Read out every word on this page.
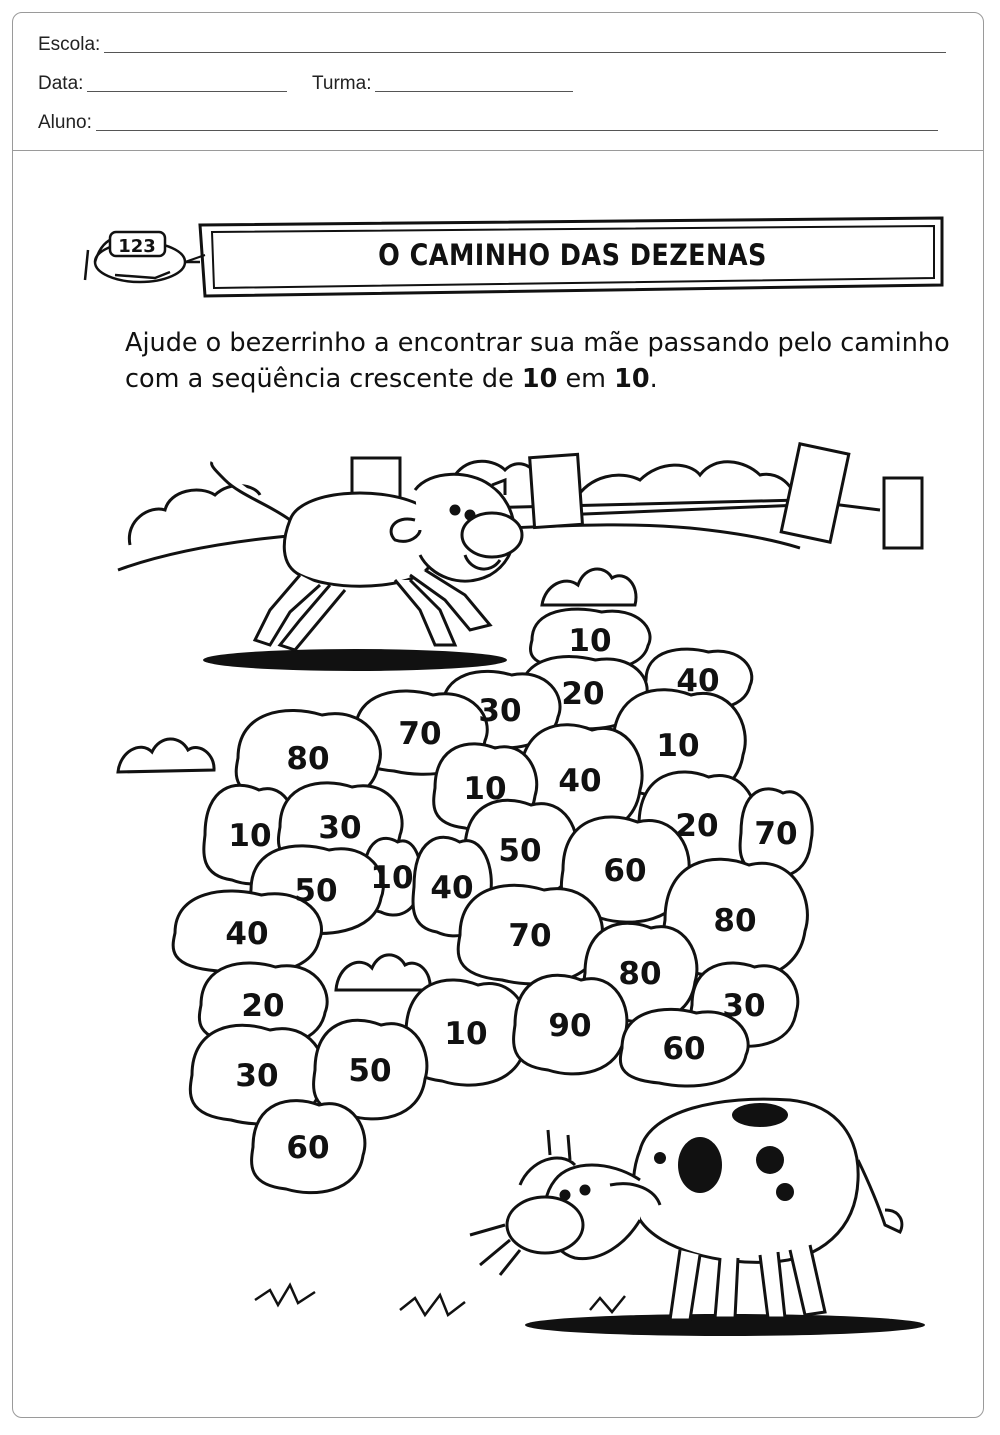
Escola:
Data:	Turma:
Aluno:
123
10
40
20
30
70
80	10
40
10
20 70
10 30
50
10 40
50
60
80
40	70
80
20	30
10 90
60
30 50
60
O CAMINHO DAS DEZENAS
Ajude o bezerrinho a encontrar sua mãe passando pelo caminho
com a seqüência crescente de 10 em 10.
